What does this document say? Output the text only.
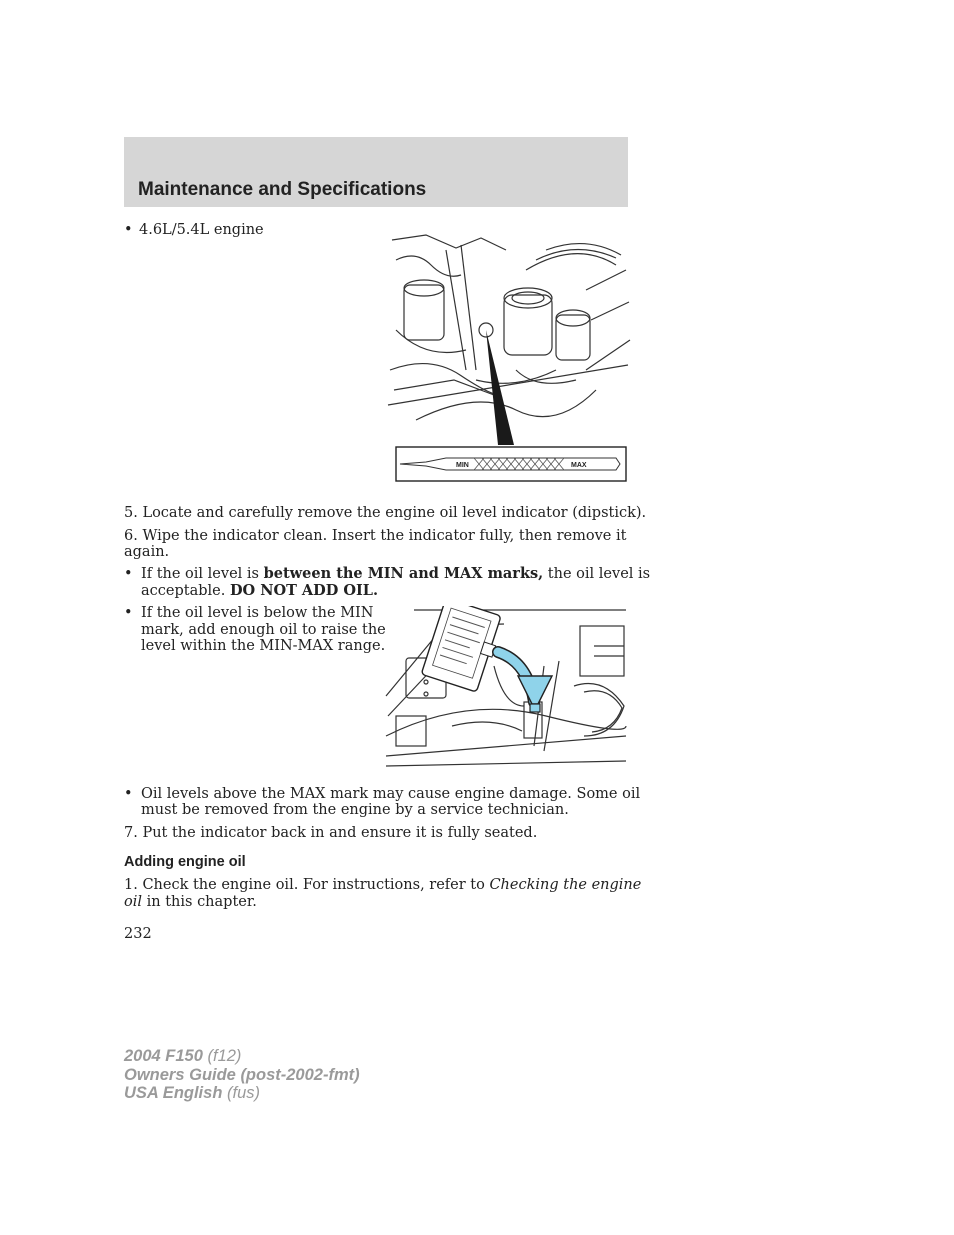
Maintenance and Specifications
• 4.6L/5.4L engine
MIN	MAX
5. Locate and carefully remove the engine oil level indicator (dipstick).
6. Wipe the indicator clean. Insert the indicator fully, then remove it
again.
• If the oil level is between the MIN and MAX marks, the oil level is
acceptable. DO NOT ADD OIL.
• If the oil level is below the MIN
mark, add enough oil to raise the
level within the MIN-MAX range.
• Oil levels above the MAX mark may cause engine damage. Some oil
must be removed from the engine by a service technician.
7. Put the indicator back in and ensure it is fully seated.
Adding engine oil
1. Check the engine oil. For instructions, refer to Checking the engine
oil in this chapter.
232
2004 F150 (f12)
Owners Guide (post-2002-fmt)
USA English (fus)
